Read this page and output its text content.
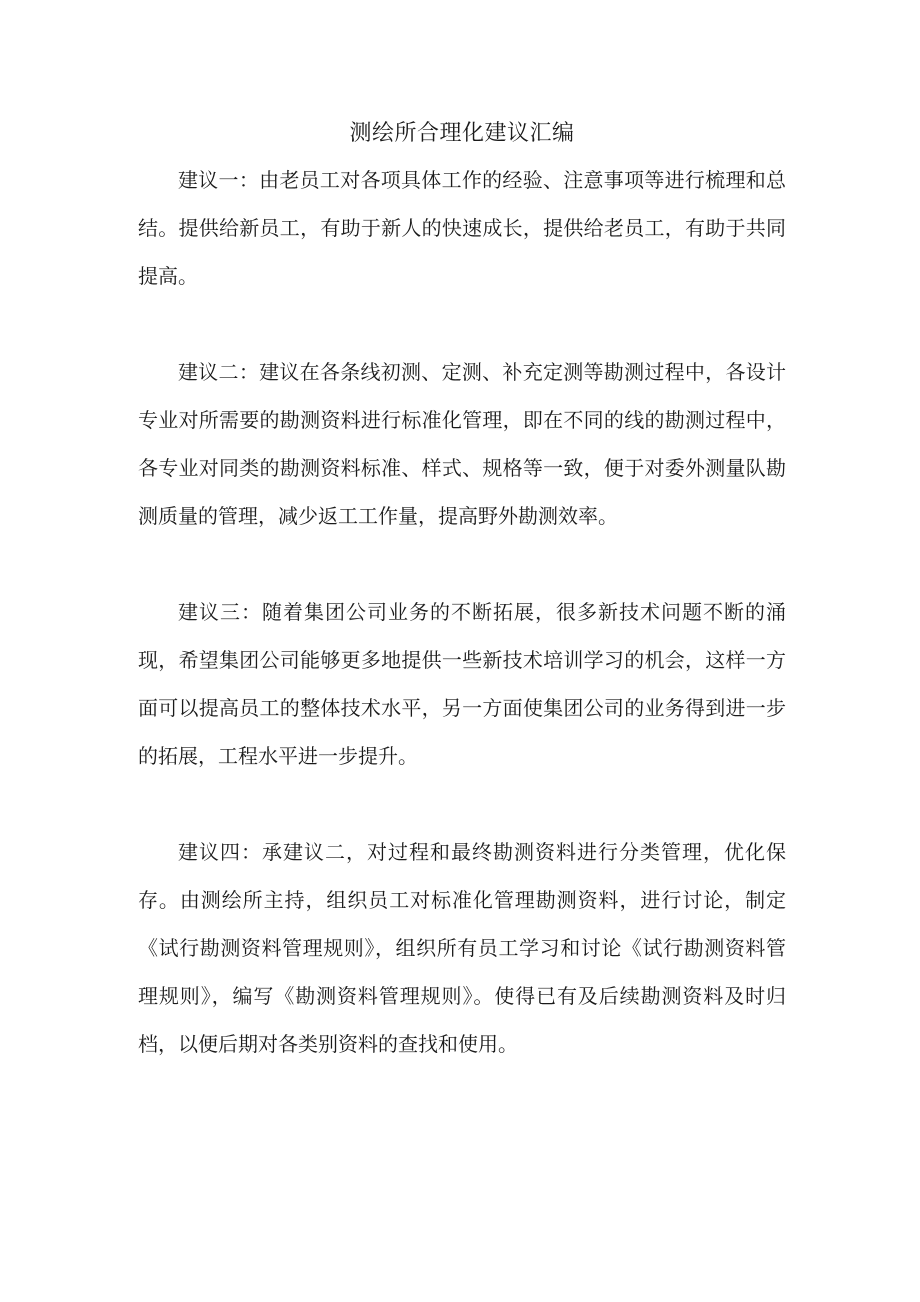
测绘所合理化建议汇编

建议一：由老员工对各项具体工作的经验、注意事项等进行梳理和总结。提供给新员工，有助于新人的快速成长，提供给老员工，有助于共同提高。

建议二：建议在各条线初测、定测、补充定测等勘测过程中，各设计专业对所需要的勘测资料进行标准化管理，即在不同的线的勘测过程中，各专业对同类的勘测资料标准、样式、规格等一致，便于对委外测量队勘测质量的管理，减少返工工作量，提高野外勘测效率。

建议三：随着集团公司业务的不断拓展，很多新技术问题不断的涌现，希望集团公司能够更多地提供一些新技术培训学习的机会，这样一方面可以提高员工的整体技术水平，另一方面使集团公司的业务得到进一步的拓展，工程水平进一步提升。

建议四：承建议二，对过程和最终勘测资料进行分类管理，优化保存。由测绘所主持，组织员工对标准化管理勘测资料，进行讨论，制定《试行勘测资料管理规则》，组织所有员工学习和讨论《试行勘测资料管理规则》，编写《勘测资料管理规则》。使得已有及后续勘测资料及时归档，以便后期对各类别资料的查找和使用。
